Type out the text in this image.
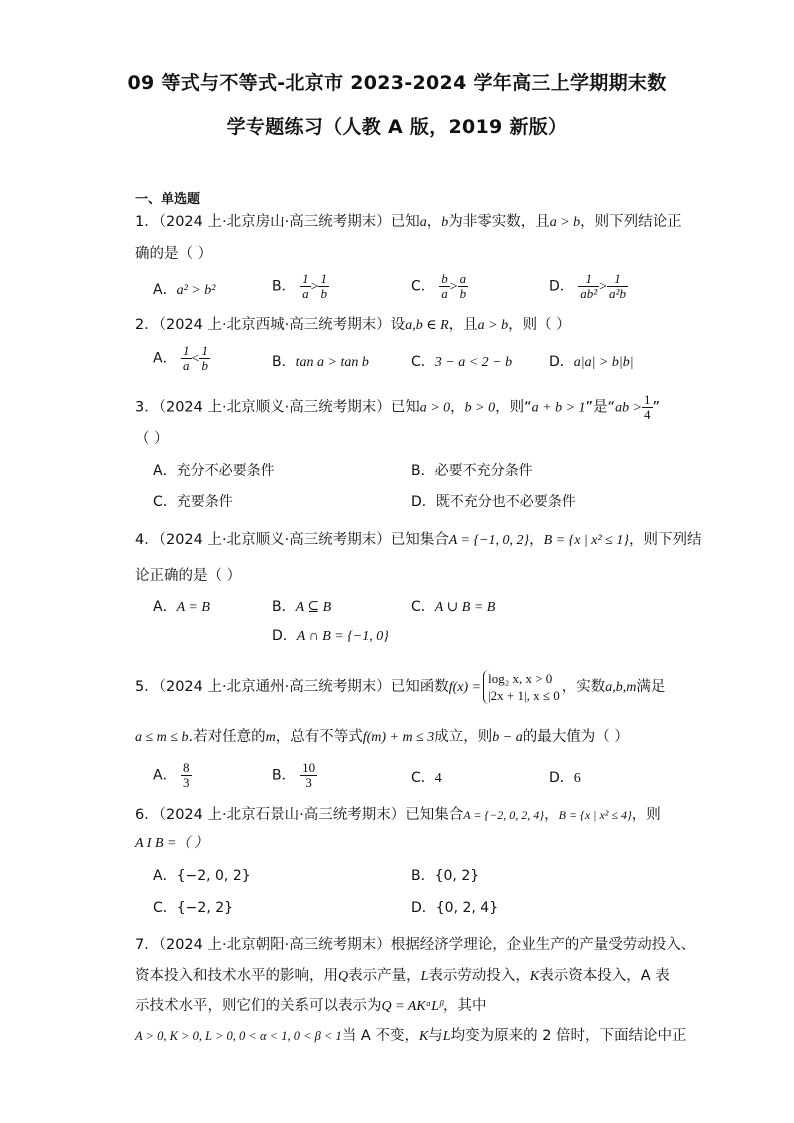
09 等式与不等式-北京市 2023-2024 学年高三上学期期末数
学专题练习（人教 A 版，2019 新版）
一、单选题
1．（2024 上·北京房山·高三统考期末）已知a，b为非零实数，且a > b，则下列结论正
确的是（ ）
A．a² > b²	B． $\frac{1}{a} > \frac{1}{b}$	C． $\frac{b}{a} > \frac{a}{b}$	D． $\frac{1}{\text{ab²}} > \frac{1}{\text{a²b}}$
2．（2024 上·北京西城·高三统考期末）设a,b ∈ R，且a > b，则（ ）
A． $\frac{1}{a} < \frac{1}{b}$	B．tan a > tan b	C．3 − a < 2 − b	D．a|a| > b|b|
3．（2024 上·北京顺义·高三统考期末）已知a > 0，b > 0，则“a + b > 1”是“ab > $\frac{1}{4}$ ”
（ ）
A．充分不必要条件	B．必要不充分条件
C．充要条件	D．既不充分也不必要条件
4．（2024 上·北京顺义·高三统考期末）已知集合A = {−1, 0, 2}，B = {x | x² ≤ 1}，则下列结
论正确的是（ ）
A．A = B	B．A ⊆ B	C．A ∪ B = B
D．A ∩ B = {−1, 0}
5．（2024 上·北京通州·高三统考期末）已知函数f(x) =
log₂ x, x > 0
|2x + 1|, x ≤ 0
，实数a,b,m满足
a ≤ m ≤ b.若对任意的m，总有不等式f(m) + m ≤ 3成立，则b − a的最大值为（ ）
A． $\frac{8}{3}$	B． $\frac{10}{3}$	C．4	D．6
6．（2024 上·北京石景山·高三统考期末）已知集合A = {−2, 0, 2, 4}，B = {x | x² ≤ 4}，则
A I B =（ ）
A．{−2, 0, 2}	B．{0, 2}
C．{−2, 2}	D．{0, 2, 4}
7．（2024 上·北京朝阳·高三统考期末）根据经济学理论，企业生产的产量受劳动投入、
资本投入和技术水平的影响，用Q表示产量，L表示劳动投入，K表示资本投入，A 表
示技术水平，则它们的关系可以表示为Q = AKᵅLᵝ，其中
A > 0, K > 0, L > 0, 0 < α < 1, 0 < β < 1当 A 不变，K与L均变为原来的 2 倍时，下面结论中正
